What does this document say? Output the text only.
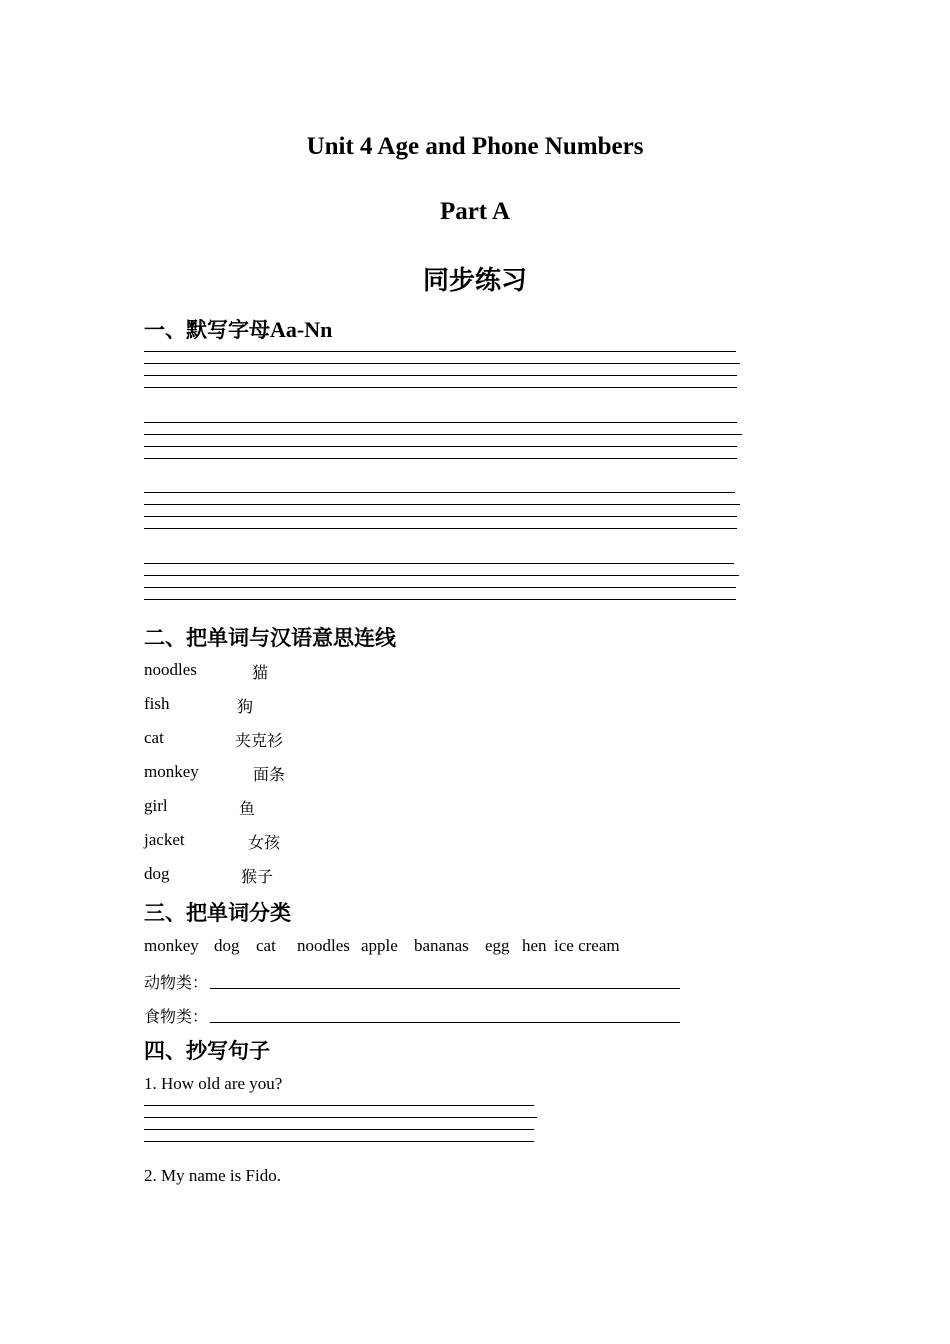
Unit 4 Age and Phone Numbers
Part A
同步练习
一、默写字母Aa-Nn
二、把单词与汉语意思连线
noodles	猫
fish	狗
cat	夹克衫
monkey	面条
girl	鱼
jacket	女孩
dog	猴子
三、把单词分类
monkey dog cat noodles apple bananas egg hen ice cream
动物类：
食物类：
四、抄写句子
1. How old are you?
2. My name is Fido.
